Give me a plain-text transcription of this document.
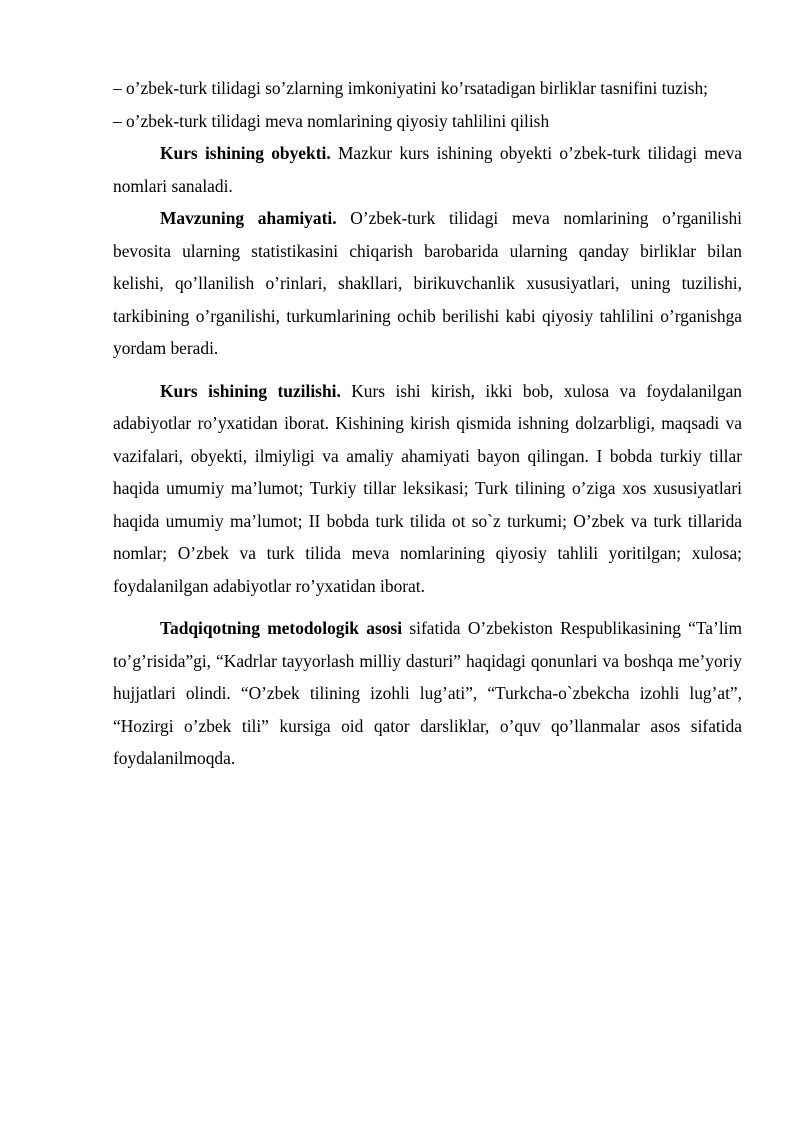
– o’zbek-turk tilidagi so’zlarning imkoniyatini ko’rsatadigan birliklar tasnifini tuzish;

– o’zbek-turk tilidagi meva nomlarining qiyosiy tahlilini qilish

Kurs ishining obyekti. Mazkur kurs ishining obyekti o’zbek-turk tilidagi meva nomlari sanaladi.

Mavzuning ahamiyati. O’zbek-turk tilidagi meva nomlarining o’rganilishi bevosita ularning statistikasini chiqarish barobarida ularning qanday birliklar bilan kelishi, qo’llanilish o’rinlari, shakllari, birikuvchanlik xususiyatlari, uning tuzilishi, tarkibining o’rganilishi, turkumlarining ochib berilishi kabi qiyosiy tahlilini o’rganishga yordam beradi.

Kurs ishining tuzilishi. Kurs ishi kirish, ikki bob, xulosa va foydalanilgan adabiyotlar ro’yxatidan iborat. Kishining kirish qismida ishning dolzarbligi, maqsadi va vazifalari, obyekti, ilmiyligi va amaliy ahamiyati bayon qilingan. I bobda turkiy tillar haqida umumiy ma’lumot; Turkiy tillar leksikasi; Turk tilining o’ziga xos xususiyatlari haqida umumiy ma’lumot; II bobda turk tilida ot so`z turkumi; O’zbek va turk tillarida nomlar; O’zbek va turk tilida meva nomlarining qiyosiy tahlili yoritilgan; xulosa; foydalanilgan adabiyotlar ro’yxatidan iborat.

Tadqiqotning metodologik asosi sifatida O’zbekiston Respublikasining “Ta’lim to’g’risida”gi, “Kadrlar tayyorlash milliy dasturi” haqidagi qonunlari va boshqa me’yoriy hujjatlari olindi. “O’zbek tilining izohli lug’ati”, “Turkcha-o`zbekcha izohli lug’at”, “Hozirgi o’zbek tili” kursiga oid qator darsliklar, o’quv qo’llanmalar asos sifatida foydalanilmoqda.
